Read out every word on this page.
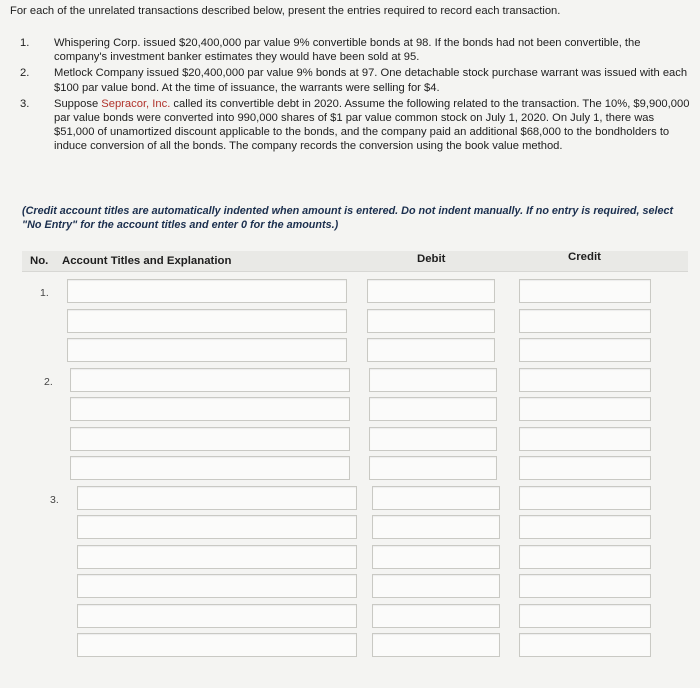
For each of the unrelated transactions described below, present the entries required to record each transaction.

1.	Whispering Corp. issued $20,400,000 par value 9% convertible bonds at 98. If the bonds had not been convertible, the company's investment banker estimates they would have been sold at 95.
2.	Metlock Company issued $20,400,000 par value 9% bonds at 97. One detachable stock purchase warrant was issued with each $100 par value bond. At the time of issuance, the warrants were selling for $4.
3.	Suppose Sepracor, Inc. called its convertible debt in 2020. Assume the following related to the transaction. The 10%, $9,900,000 par value bonds were converted into 990,000 shares of $1 par value common stock on July 1, 2020. On July 1, there was $51,000 of unamortized discount applicable to the bonds, and the company paid an additional $68,000 to the bondholders to induce conversion of all the bonds. The company records the conversion using the book value method.

(Credit account titles are automatically indented when amount is entered. Do not indent manually. If no entry is required, select "No Entry" for the account titles and enter 0 for the amounts.)

No. Account Titles and Explanation	Debit	Credit
1.
2.
3.
